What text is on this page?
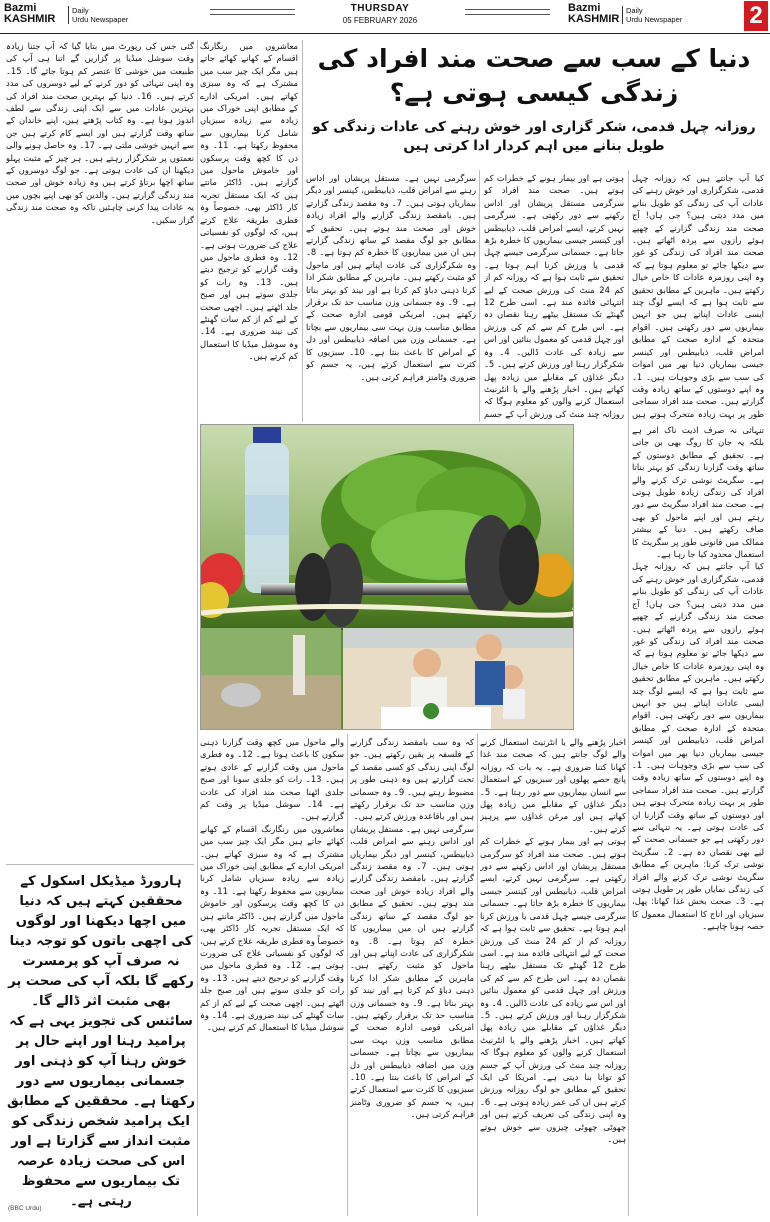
Bazmi
KASHMIR
Daily
Urdu Newspaper
THURSDAY
05 FEBRUARY 2026
Bazmi
KASHMIR
Daily
Urdu Newspaper	2
دنیا کے سب سے صحت مند افراد کی زندگی کیسی ہوتی ہے؟
روزانہ چہل قدمی، شکر گزاری اور خوش رہنے کی عادات زندگی کو طویل بنانے میں اہم کردار ادا کرتی ہیں

کیا آپ جانتے ہیں کہ روزانہ چہل قدمی، شکرگزاری اور خوش رہنے کی عادات آپ کی زندگی کو طویل بنانے میں مدد دیتی ہیں؟ جی ہاں! آج صحت مند زندگی گزارنے کے چھپے ہوئے رازوں سے پردہ اٹھاتے ہیں۔ صحت مند افراد کی زندگی کو غور سے دیکھا جائے تو معلوم ہوتا ہے کہ وہ اپنی روزمرہ عادات کا خاص خیال رکھتے ہیں۔ ماہرین کے مطابق تحقیق سے ثابت ہوا ہے کہ ایسے لوگ چند ایسی عادات اپناتے ہیں جو انہیں بیماریوں سے دور رکھتی ہیں۔ اقوام متحدہ کے ادارہ صحت کے مطابق امراض قلب، ذیابیطس اور کینسر جیسی بیماریاں دنیا بھر میں اموات کی سب سے بڑی وجوہات ہیں۔ 1۔ وہ اپنے دوستوں کے ساتھ زیادہ وقت گزارتے ہیں۔ صحت مند افراد سماجی طور پر بہت زیادہ متحرک ہوتے ہیں

ہوتی ہے اور بیمار ہونے کے خطرات کم ہوتے ہیں۔ صحت مند افراد کو سرگرمی مستقل پریشان اور اداس رکھنے سے دور رکھتی ہے۔ سرگرمی نہیں کرتے، ایسے امراض قلب، ذیابیطس اور کینسر جیسی بیماریوں کا خطرہ بڑھ جاتا ہے۔ جسمانی سرگرمی جیسے چہل قدمی یا ورزش کرنا اہم ہوتا ہے۔ تحقیق سے ثابت ہوا ہے کہ روزانہ کم از کم 24 منٹ کی ورزش صحت کے لیے انتہائی فائدہ مند ہے۔ اسی طرح 12 گھنٹے تک مستقل بیٹھے رہنا نقصان دہ ہے۔ اس طرح کم سے کم کی ورزش اور چہل قدمی کو معمول بنائیں اور اس سے زیادہ کی عادت ڈالیں۔ 4۔ وہ شکرگزار رہنا اور ورزش کرتے ہیں۔ 5۔ دیگر غذاؤں کے مقابلے میں زیادہ پھل کھاتے ہیں۔ اخبار پڑھنے والے یا انٹرنیٹ استعمال کرنے والوں کو معلوم ہوگا کہ روزانہ چند منٹ کی ورزش آپ کے جسم

سرگرمی نہیں ہے۔ مستقل پریشان اور اداس رہنے سے امراض قلب، ذیابیطس، کینسر اور دیگر بیماریاں ہوتی ہیں۔ 7۔ وہ مقصد زندگی گزارتے ہیں۔ بامقصد زندگی گزارنے والے افراد زیادہ خوش اور صحت مند ہوتے ہیں۔ تحقیق کے مطابق جو لوگ مقصد کے ساتھ زندگی گزارتے ہیں ان میں بیماریوں کا خطرہ کم ہوتا ہے۔ 8۔ وہ شکرگزاری کی عادت اپناتے ہیں اور ماحول کو مثبت رکھتے ہیں۔ ماہرین کے مطابق شکر ادا کرنا ذہنی دباؤ کم کرتا ہے اور نیند کو بہتر بناتا ہے۔ 9۔ وہ جسمانی وزن مناسب حد تک برقرار رکھتے ہیں۔ امریکی قومی ادارہ صحت کے مطابق مناسب وزن بہت سی بیماریوں سے بچاتا ہے۔ جسمانی وزن میں اضافہ ذیابیطس اور دل کے امراض کا باعث بنتا ہے۔ 10۔ سبزیوں کا کثرت سے استعمال کرتے ہیں، یہ جسم کو ضروری وٹامنز فراہم کرتی ہیں۔

معاشروں میں رنگارنگ اقسام کے کھانے کھائے جاتے ہیں مگر ایک چیز سب میں مشترک ہے کہ وہ سبزی کھاتے ہیں۔ امریکی ادارے کے مطابق اپنی خوراک میں زیادہ سے زیادہ سبزیاں شامل کرنا بیماریوں سے محفوظ رکھتا ہے۔ 11۔ وہ دن کا کچھ وقت پرسکون اور خاموش ماحول میں گزارتے ہیں۔ ڈاکٹر مانتے ہیں کہ ایک مستقل تجربہ کار ڈاکٹر بھی، خصوصاً وہ فطری طریقہ علاج کرتے ہیں، کہ لوگوں کو نفسیاتی علاج کی ضرورت ہوتی ہے۔ 12۔ وہ فطری ماحول میں وقت گزارنے کو ترجیح دیتے ہیں۔ 13۔ وہ رات کو جلدی سوتے ہیں اور صبح جلد اٹھتے ہیں۔ اچھی صحت کے لیے کم از کم سات گھنٹے کی نیند ضروری ہے۔ 14۔ وہ سوشل میڈیا کا استعمال کم کرتے ہیں۔

گئی جس کی رپورٹ میں بتایا گیا کہ آپ جتنا زیادہ وقت سوشل میڈیا پر گزاریں گے اتنا ہی آپ کی طبیعت میں خوشی کا عنصر کم ہوتا جائے گا۔ 15۔ وہ اپنی تنہائی کو دور کرنے کے لیے دوسروں کی مدد کرتے ہیں۔ 16۔ دنیا کے بہترین صحت مند افراد کی بہترین عادات میں سے ایک اپنی زندگی سے لطف اندوز ہونا ہے۔ وہ کتاب پڑھتے ہیں، اپنے خاندان کے ساتھ وقت گزارتے ہیں اور ایسے کام کرتے ہیں جن سے انہیں خوشی ملتی ہے۔ 17۔ وہ حاصل ہونے والی نعمتوں پر شکرگزار رہتے ہیں۔ ہر چیز کے مثبت پہلو دیکھنا ان کی عادت ہوتی ہے۔ جو لوگ دوسروں کے ساتھ اچھا برتاؤ کرتے ہیں وہ زیادہ خوش اور صحت مند زندگی گزارتے ہیں۔ والدین کو بھی اپنے بچوں میں یہ عادات پیدا کرنی چاہئیں تاکہ وہ صحت مند زندگی گزار سکیں۔

تنہائی نہ صرف اذیت ناک امر ہے بلکہ یہ جان کا روگ بھی بن جاتی ہے۔ تحقیق کے مطابق دوستوں کے ساتھ وقت گزارنا زندگی کو بہتر بناتا ہے۔ سگریٹ نوشی ترک کرنے والے افراد کی زندگی زیادہ طویل ہوتی ہے۔ صحت مند افراد سگریٹ سے دور رہتے ہیں اور اپنے ماحول کو بھی صاف رکھتے ہیں۔ دنیا کے بیشتر ممالک میں قانونی طور پر سگریٹ کا استعمال محدود کیا جا رہا ہے۔

کیا آپ جانتے ہیں کہ روزانہ چہل قدمی، شکرگزاری اور خوش رہنے کی عادات آپ کی زندگی کو طویل بنانے میں مدد دیتی ہیں؟ جی ہاں! آج صحت مند زندگی گزارنے کے چھپے ہوئے رازوں سے پردہ اٹھاتے ہیں۔ صحت مند افراد کی زندگی کو غور سے دیکھا جائے تو معلوم ہوتا ہے کہ وہ اپنی روزمرہ عادات کا خاص خیال رکھتے ہیں۔ ماہرین کے مطابق تحقیق سے ثابت ہوا ہے کہ ایسے لوگ چند ایسی عادات اپناتے ہیں جو انہیں بیماریوں سے دور رکھتی ہیں۔ اقوام متحدہ کے ادارہ صحت کے مطابق امراض قلب، ذیابیطس اور کینسر جیسی بیماریاں دنیا بھر میں اموات کی سب سے بڑی وجوہات ہیں۔ 1۔ وہ اپنے دوستوں کے ساتھ زیادہ وقت گزارتے ہیں۔ صحت مند افراد سماجی طور پر بہت زیادہ متحرک ہوتے ہیں اور دوستوں کے ساتھ وقت گزارنا ان کی عادت ہوتی ہے۔ یہ تنہائی سے دور رکھتی ہے جو جسمانی صحت کے لیے بھی نقصان دہ ہے۔ 2۔ سگریٹ نوشی ترک کرنا: ماہرین کے مطابق سگریٹ نوشی ترک کرنے والے افراد کی زندگی نمایاں طور پر طویل ہوتی ہے۔ 3۔ صحت بخش غذا کھانا: پھل، سبزیاں اور اناج کا استعمال معمول کا حصہ ہونا چاہیے۔

اخبار پڑھنے والے یا انٹرنیٹ استعمال کرنے والے لوگ جانتے ہیں کہ صحت مند غذا کھانا کتنا ضروری ہے۔ یہ بات کہ روزانہ پانچ حصے پھلوں اور سبزیوں کے استعمال سے انسان بیماریوں سے دور رہتا ہے۔ 5۔ دیگر غذاؤں کے مقابلے میں زیادہ پھل کھاتے ہیں اور مرغن غذاؤں سے پرہیز کرتے ہیں۔

ہوتی ہے اور بیمار ہونے کے خطرات کم ہوتے ہیں۔ صحت مند افراد کو سرگرمی مستقل پریشان اور اداس رکھنے سے دور رکھتی ہے۔ سرگرمی نہیں کرتے، ایسے امراض قلب، ذیابیطس اور کینسر جیسی بیماریوں کا خطرہ بڑھ جاتا ہے۔ جسمانی سرگرمی جیسے چہل قدمی یا ورزش کرنا اہم ہوتا ہے۔ تحقیق سے ثابت ہوا ہے کہ روزانہ کم از کم 24 منٹ کی ورزش صحت کے لیے انتہائی فائدہ مند ہے۔ اسی طرح 12 گھنٹے تک مستقل بیٹھے رہنا نقصان دہ ہے۔ اس طرح کم سے کم کی ورزش اور چہل قدمی کو معمول بنائیں اور اس سے زیادہ کی عادت ڈالیں۔ 4۔ وہ شکرگزار رہنا اور ورزش کرتے ہیں۔ 5۔ دیگر غذاؤں کے مقابلے میں زیادہ پھل کھاتے ہیں۔ اخبار پڑھنے والے یا انٹرنیٹ استعمال کرنے والوں کو معلوم ہوگا کہ روزانہ چند منٹ کی ورزش آپ کے جسم کو توانا بنا دیتی ہے۔ امریکا کی ایک تحقیق کے مطابق جو لوگ روزانہ ورزش کرتے ہیں ان کی عمر زیادہ ہوتی ہے۔ 6۔ وہ اپنی زندگی کی تعریف کرتے ہیں اور چھوٹی چھوٹی چیزوں سے خوش ہوتے ہیں۔

کہ وہ سب بامقصد زندگی گزارنے کے فلسفہ پر یقین رکھتے ہیں۔ جو لوگ اپنی زندگی کو کسی مقصد کے تحت گزارتے ہیں وہ ذہنی طور پر مضبوط رہتے ہیں۔ 9۔ وہ جسمانی وزن مناسب حد تک برقرار رکھتے ہیں اور باقاعدہ ورزش کرتے ہیں۔

سرگرمی نہیں ہے۔ مستقل پریشان اور اداس رہنے سے امراض قلب، ذیابیطس، کینسر اور دیگر بیماریاں ہوتی ہیں۔ 7۔ وہ مقصد زندگی گزارتے ہیں۔ بامقصد زندگی گزارنے والے افراد زیادہ خوش اور صحت مند ہوتے ہیں۔ تحقیق کے مطابق جو لوگ مقصد کے ساتھ زندگی گزارتے ہیں ان میں بیماریوں کا خطرہ کم ہوتا ہے۔ 8۔ وہ شکرگزاری کی عادت اپناتے ہیں اور ماحول کو مثبت رکھتے ہیں۔ ماہرین کے مطابق شکر ادا کرنا ذہنی دباؤ کم کرتا ہے اور نیند کو بہتر بناتا ہے۔ 9۔ وہ جسمانی وزن مناسب حد تک برقرار رکھتے ہیں۔ امریکی قومی ادارہ صحت کے مطابق مناسب وزن بہت سی بیماریوں سے بچاتا ہے۔ جسمانی وزن میں اضافہ ذیابیطس اور دل کے امراض کا باعث بنتا ہے۔ 10۔ سبزیوں کا کثرت سے استعمال کرتے ہیں، یہ جسم کو ضروری وٹامنز فراہم کرتی ہیں۔

والے ماحول میں کچھ وقت گزارنا ذہنی سکون کا باعث ہوتا ہے۔ 12۔ وہ فطری ماحول میں وقت گزارنے کے عادی ہوتے ہیں۔ 13۔ رات کو جلدی سونا اور صبح جلدی اٹھنا صحت مند افراد کی عادت ہے۔ 14۔ سوشل میڈیا پر وقت کم گزارتے ہیں۔

معاشروں میں رنگارنگ اقسام کے کھانے کھائے جاتے ہیں مگر ایک چیز سب میں مشترک ہے کہ وہ سبزی کھاتے ہیں۔ امریکی ادارے کے مطابق اپنی خوراک میں زیادہ سے زیادہ سبزیاں شامل کرنا بیماریوں سے محفوظ رکھتا ہے۔ 11۔ وہ دن کا کچھ وقت پرسکون اور خاموش ماحول میں گزارتے ہیں۔ ڈاکٹر مانتے ہیں کہ ایک مستقل تجربہ کار ڈاکٹر بھی، خصوصاً وہ فطری طریقہ علاج کرتے ہیں، کہ لوگوں کو نفسیاتی علاج کی ضرورت ہوتی ہے۔ 12۔ وہ فطری ماحول میں وقت گزارنے کو ترجیح دیتے ہیں۔ 13۔ وہ رات کو جلدی سوتے ہیں اور صبح جلد اٹھتے ہیں۔ اچھی صحت کے لیے کم از کم سات گھنٹے کی نیند ضروری ہے۔ 14۔ وہ سوشل میڈیا کا استعمال کم کرتے ہیں۔

ہارورڈ میڈیکل اسکول کے محققین کہتے ہیں کہ دنیا میں اچھا دیکھنا اور لوگوں کی اچھی باتوں کو توجہ دینا نہ صرف آپ کو پرمسرت رکھے گا بلکہ آپ کی صحت پر بھی مثبت اثر ڈالے گا۔ سائنس کی تجویز یہی ہے کہ پرامید رہنا اور اپنے حال پر خوش رہنا آپ کو ذہنی اور جسمانی بیماریوں سے دور رکھتا ہے۔ محققین کے مطابق ایک پرامید شخص زندگی کو مثبت انداز سے گزارتا ہے اور اس کی صحت زیادہ عرصہ تک بیماریوں سے محفوظ رہتی ہے۔
(BBC Urdu)
